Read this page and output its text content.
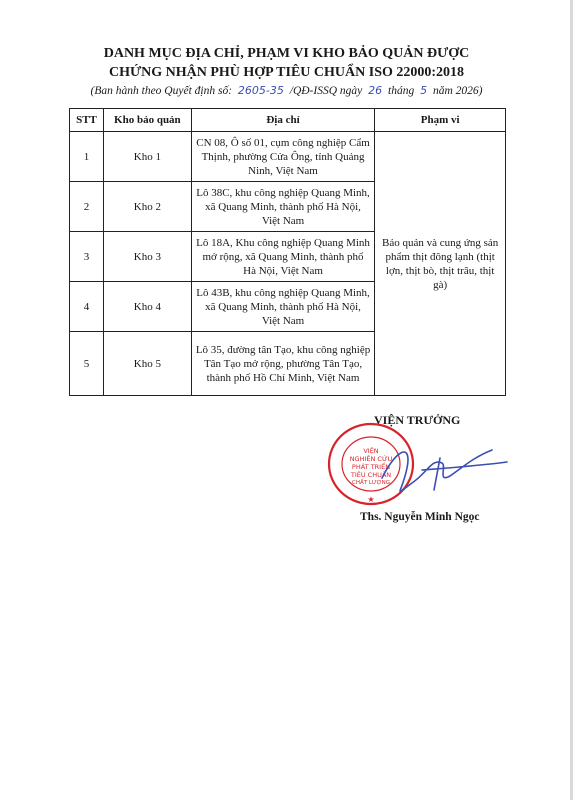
DANH MỤC ĐỊA CHỈ, PHẠM VI KHO BẢO QUẢN ĐƯỢC
CHỨNG NHẬN PHÙ HỢP TIÊU CHUẨN ISO 22000:2018
(Ban hành theo Quyết định số: 2605-35 /QĐ-ISSQ ngày 26 tháng 5 năm 2026)
STT	Kho bảo quản	Địa chỉ	Phạm vi
1	Kho 1	CN 08, Ô số 01, cụm công nghiệp Cẩm Thịnh, phường Cửa Ông, tỉnh Quảng Ninh, Việt Nam	Bảo quản và cung ứng sản phẩm thịt đông lạnh (thịt lợn, thịt bò, thịt trâu, thịt gà)
2	Kho 2	Lô 38C, khu công nghiệp Quang Minh, xã Quang Minh, thành phố Hà Nội, Việt Nam	
3	Kho 3	Lô 18A, Khu công nghiệp Quang Minh mở rộng, xã Quang Minh, thành phố Hà Nội, Việt Nam	
4	Kho 4	Lô 43B, khu công nghiệp Quang Minh, xã Quang Minh, thành phố Hà Nội, Việt Nam	
5	Kho 5	Lô 35, đường tân Tạo, khu công nghiệp Tân Tạo mở rộng, phường Tân Tạo, thành phố Hồ Chí Minh, Việt Nam	
VIỆN TRƯỞNG
VIỆN
NGHIÊN CỨU
PHÁT TRIỂN
TIÊU CHUẨN
CHẤT LƯỢNG
★
Ths. Nguyễn Minh Ngọc
